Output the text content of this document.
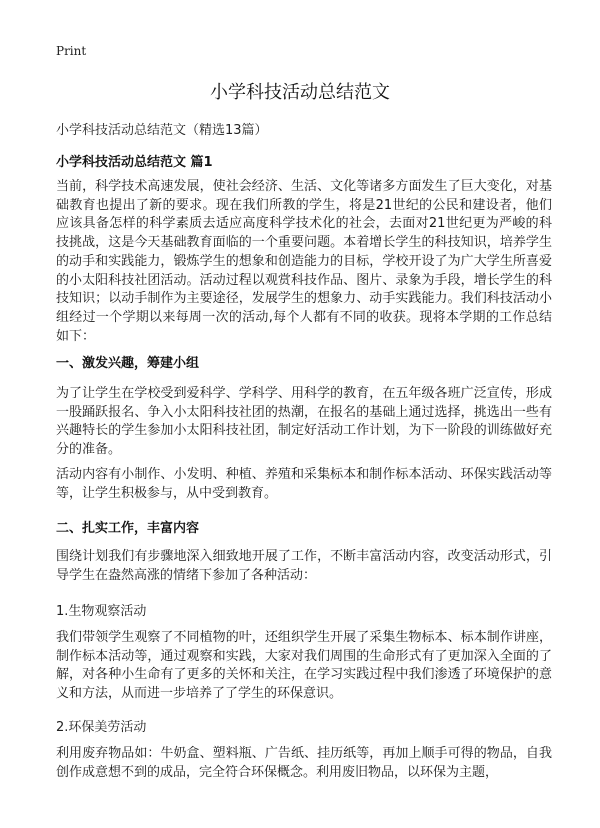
Print
小学科技活动总结范文
小学科技活动总结范文（精选13篇）
小学科技活动总结范文 篇1
当前，科学技术高速发展，使社会经济、生活、文化等诸多方面发生了巨大变化，对基础教育也提出了新的要求。现在我们所教的学生，将是21世纪的公民和建设者，他们应该具备怎样的科学素质去适应高度科学技术化的社会，去面对21世纪更为严峻的科技挑战，这是今天基础教育面临的一个重要问题。本着增长学生的科技知识，培养学生的动手和实践能力，锻炼学生的想象和创造能力的目标，学校开设了为广大学生所喜爱的小太阳科技社团活动。活动过程以观赏科技作品、图片、录象为手段，增长学生的科技知识；以动手制作为主要途径，发展学生的想象力、动手实践能力。我们科技活动小组经过一个学期以来每周一次的活动,每个人都有不同的收获。现将本学期的工作总结如下：
一、激发兴趣，筹建小组
为了让学生在学校受到爱科学、学科学、用科学的教育，在五年级各班广泛宣传，形成一股踊跃报名、争入小太阳科技社团的热潮，在报名的基础上通过选择，挑选出一些有兴趣特长的学生参加小太阳科技社团，制定好活动工作计划，为下一阶段的训练做好充分的准备。
活动内容有小制作、小发明、种植、养殖和采集标本和制作标本活动、环保实践活动等等，让学生积极参与，从中受到教育。
二、扎实工作，丰富内容
围绕计划我们有步骤地深入细致地开展了工作，不断丰富活动内容，改变活动形式，引导学生在盎然高涨的情绪下参加了各种活动：
1.生物观察活动
我们带领学生观察了不同植物的叶，还组织学生开展了采集生物标本、标本制作讲座，制作标本活动等，通过观察和实践，大家对我们周围的生命形式有了更加深入全面的了解，对各种小生命有了更多的关怀和关注，在学习实践过程中我们渗透了环境保护的意义和方法，从而进一步培养了了学生的环保意识。
2.环保美劳活动
利用废弃物品如：牛奶盒、塑料瓶、广告纸、挂历纸等，再加上顺手可得的物品，自我创作成意想不到的成品，完全符合环保概念。利用废旧物品，以环保为主题，
